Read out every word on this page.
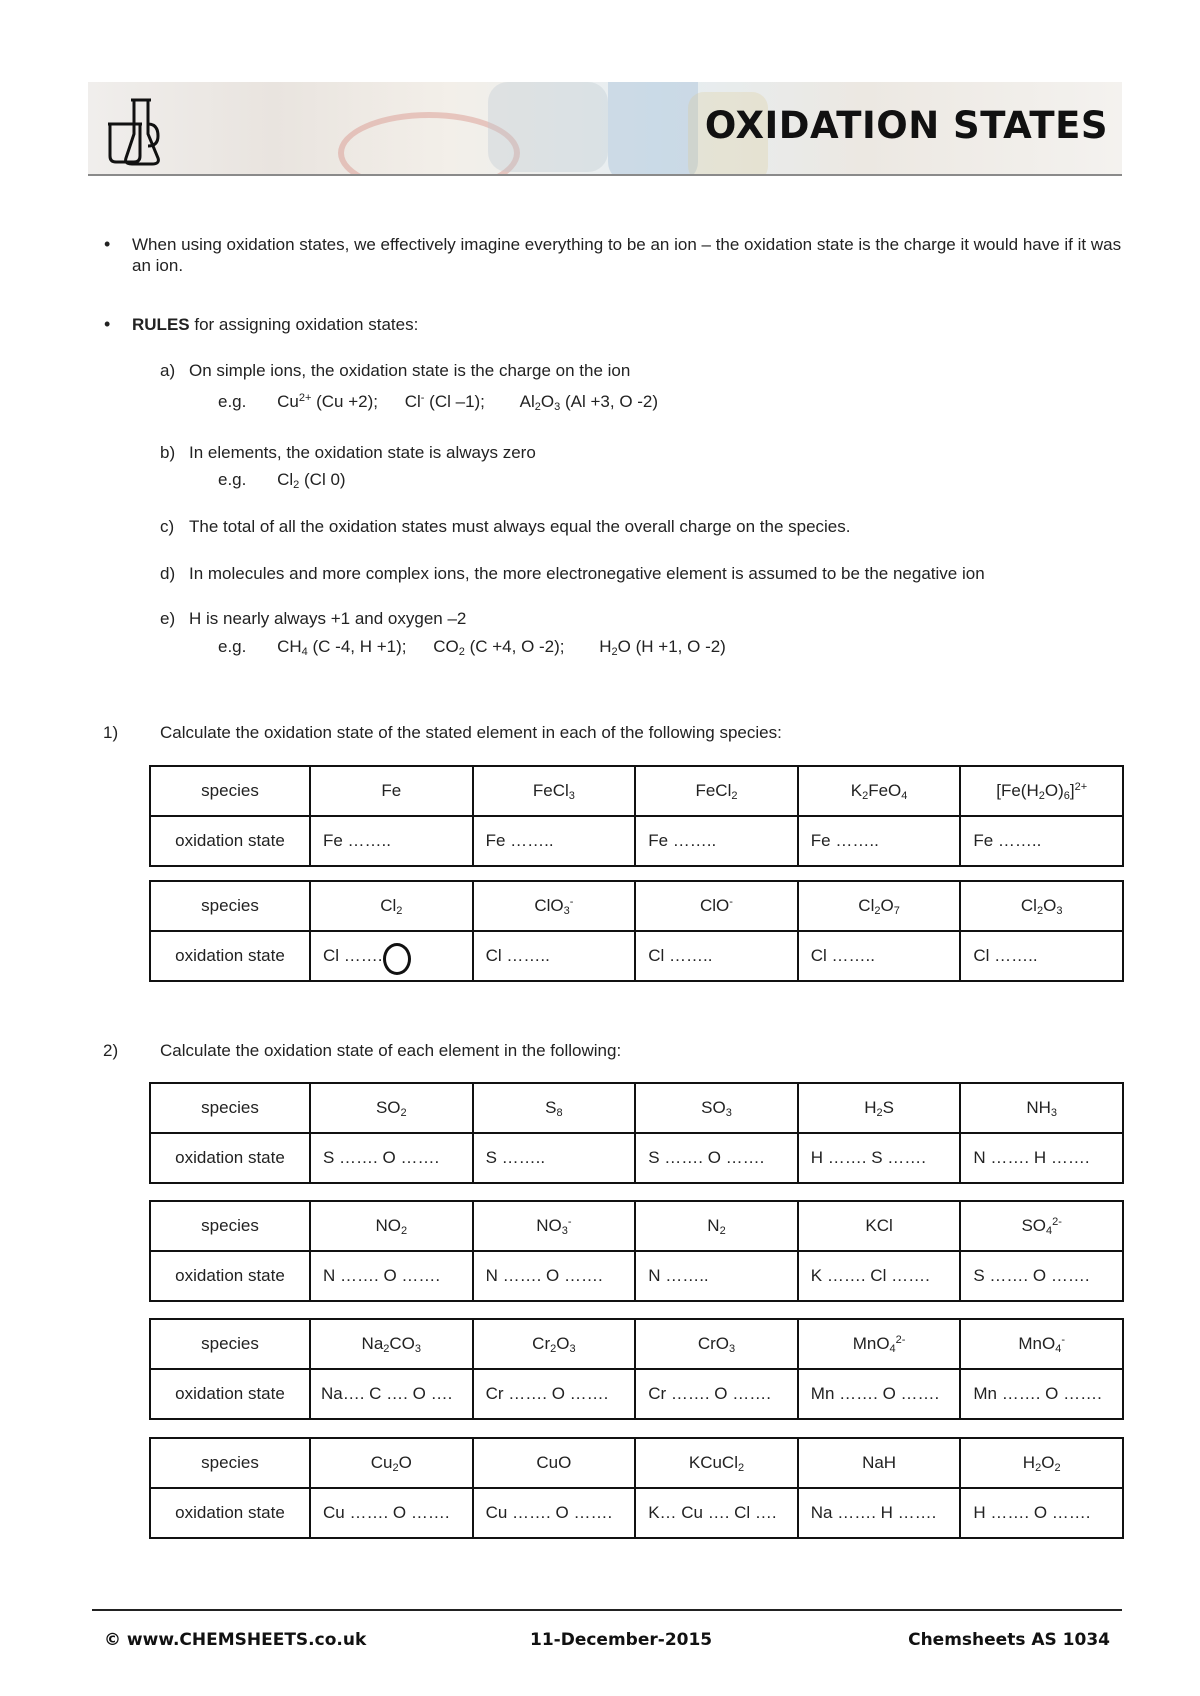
OXIDATION STATES
• When using oxidation states, we effectively imagine everything to be an ion – the oxidation state is the charge it would have if it was an ion.
• RULES for assigning oxidation states:
a) On simple ions, the oxidation state is the charge on the ion
e.g. $Cu^{2+}$ (Cu +2); Cl- (Cl –1); $Al_2O_3$ (Al +3, O -2)
b) In elements, the oxidation state is always zero
e.g. $Cl_2$ (Cl 0)
c) The total of all the oxidation states must always equal the overall charge on the species.
d) In molecules and more complex ions, the more electronegative element is assumed to be the negative ion
e) H is nearly always +1 and oxygen –2
e.g. $CH_4$ (C -4, H +1); $CO_2$ (C +4, O -2); $H_2O$ (H +1, O -2)
1) Calculate the oxidation state of the stated element in each of the following species:
species	Fe	FeCl$_3$	FeCl$_2$	$K_2FeO_4$	$[Fe(H_2O)_6]^{2+}$
oxidation state	Fe ……..	Fe ……..	Fe ……..	Fe ……..	Fe ……..
species	$Cl_2$	ClO$_3$-	ClO-	$Cl_2O_7$	$Cl_2O_3$
oxidation state	Cl ……..	Cl ……..	Cl ……..	Cl ……..	Cl ……..
2) Calculate the oxidation state of each element in the following:
species	$SO_2$	$S_8$	$SO_3$	$H_2S$	$NH_3$
oxidation state	S ……. O …….	S ……..	S ……. O …….	H ……. S …….	N ……. H …….
species	$NO_2$	$NO_3^-$	$N_2$	KCl	$SO_4^{2-}$
oxidation state	N ……. O …….	N ……. O …….	N ……..	K ……. Cl …….	S ……. O …….
species	$Na_2CO_3$	$Cr_2O_3$	CrO$_3$	MnO$_4^{2-}$	MnO$_4$-
oxidation state	Na…. C …. O ….	Cr ……. O …….	Cr ……. O …….	Mn ……. O …….	Mn ……. O …….
species	$Cu_2O$	CuO	KCuCl$_2$	NaH	$H_2O_2$
oxidation state	Cu ……. O …….	Cu ……. O …….	K… Cu …. Cl ….	Na ……. H …….	H ……. O …….
© www.CHEMSHEETS.co.uk	11-December-2015	Chemsheets AS 1034
